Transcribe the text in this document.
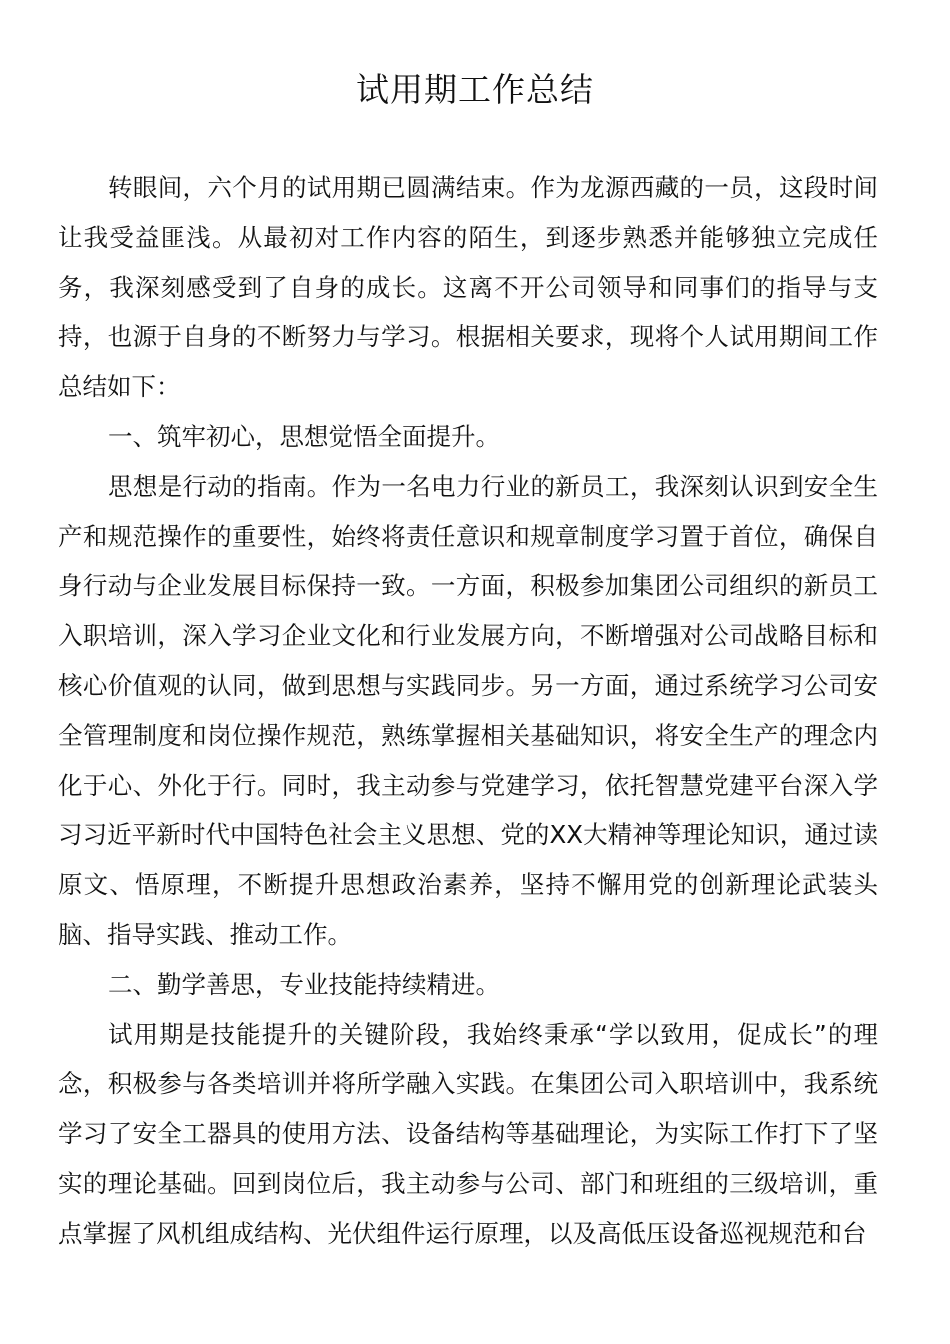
试用期工作总结

转眼间，六个月的试用期已圆满结束。作为龙源西藏的一员，这段时间让我受益匪浅。从最初对工作内容的陌生，到逐步熟悉并能够独立完成任务，我深刻感受到了自身的成长。这离不开公司领导和同事们的指导与支持，也源于自身的不断努力与学习。根据相关要求，现将个人试用期间工作总结如下：

一、筑牢初心，思想觉悟全面提升。

思想是行动的指南。作为一名电力行业的新员工，我深刻认识到安全生产和规范操作的重要性，始终将责任意识和规章制度学习置于首位，确保自身行动与企业发展目标保持一致。一方面，积极参加集团公司组织的新员工入职培训，深入学习企业文化和行业发展方向，不断增强对公司战略目标和核心价值观的认同，做到思想与实践同步。另一方面，通过系统学习公司安全管理制度和岗位操作规范，熟练掌握相关基础知识，将安全生产的理念内化于心、外化于行。同时，我主动参与党建学习，依托智慧党建平台深入学习习近平新时代中国特色社会主义思想、党的XX大精神等理论知识，通过读原文、悟原理，不断提升思想政治素养，坚持不懈用党的创新理论武装头脑、指导实践、推动工作。

二、勤学善思，专业技能持续精进。

试用期是技能提升的关键阶段，我始终秉承“学以致用，促成长”的理念，积极参与各类培训并将所学融入实践。在集团公司入职培训中，我系统学习了安全工器具的使用方法、设备结构等基础理论，为实际工作打下了坚实的理论基础。回到岗位后，我主动参与公司、部门和班组的三级培训，重点掌握了风机组成结构、光伏组件运行原理，以及高低压设备巡视规范和台
